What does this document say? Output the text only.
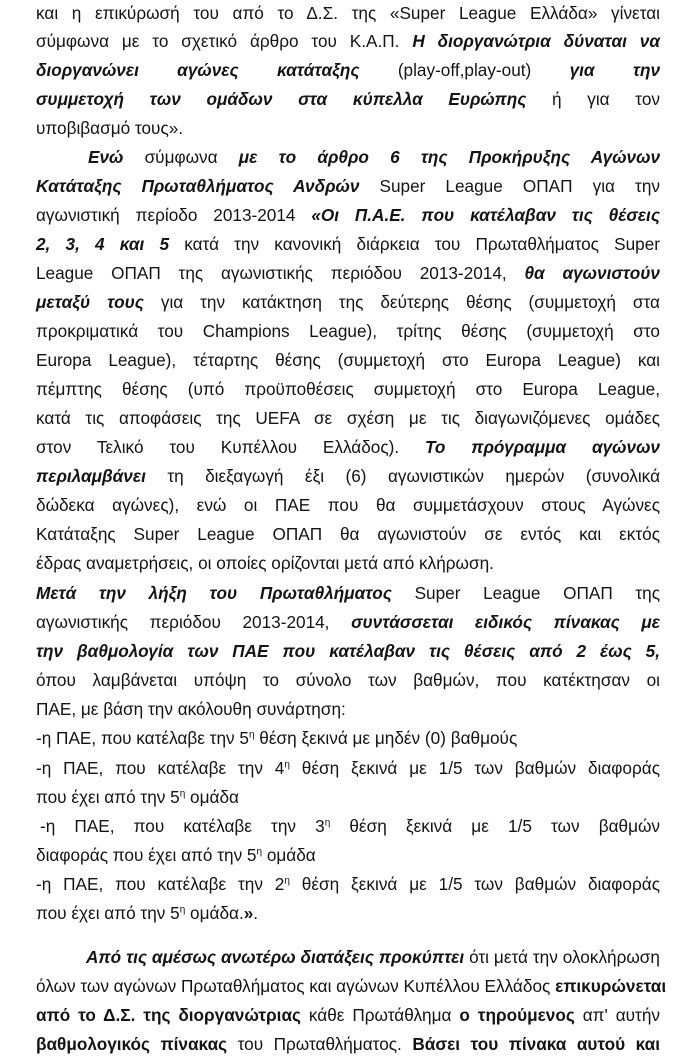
και η επικύρωσή του από το Δ.Σ. της «Super League Ελλάδα» γίνεται
σύμφωνα με το σχετικό άρθρο του Κ.Α.Π. Η διοργανώτρια δύναται να
διοργανώνει αγώνες κατάταξης (play-off,play-out) για την
συμμετοχή των ομάδων στα κύπελλα Ευρώπης ή για τον
υποβιβασμό τους».
Ενώ σύμφωνα με το άρθρο 6 της Προκήρυξης Αγώνων
Κατάταξης Πρωταθλήματος Ανδρών Super League ΟΠΑΠ για την
αγωνιστική περίοδο 2013-2014 «Οι Π.Α.Ε. που κατέλαβαν τις θέσεις
2, 3, 4 και 5 κατά την κανονική διάρκεια του Πρωταθλήματος Super
League ΟΠΑΠ της αγωνιστικής περιόδου 2013-2014, θα αγωνιστούν
μεταξύ τους για την κατάκτηση της δεύτερης θέσης (συμμετοχή στα
προκριματικά του Champions League), τρίτης θέσης (συμμετοχή στο
Europa League), τέταρτης θέσης (συμμετοχή στο Europa League) και
πέμπτης θέσης (υπό προϋποθέσεις συμμετοχή στο Europa League,
κατά τις αποφάσεις της UEFA σε σχέση με τις διαγωνιζόμενες ομάδες
στον Τελικό του Κυπέλλου Ελλάδος). Το πρόγραμμα αγώνων
περιλαμβάνει τη διεξαγωγή έξι (6) αγωνιστικών ημερών (συνολικά
δώδεκα αγώνες), ενώ οι ΠΑΕ που θα συμμετάσχουν στους Αγώνες
Κατάταξης Super League ΟΠΑΠ θα αγωνιστούν σε εντός και εκτός
έδρας αναμετρήσεις, οι οποίες ορίζονται μετά από κλήρωση.
Μετά την λήξη του Πρωταθλήματος Super League ΟΠΑΠ της
αγωνιστικής περιόδου 2013-2014, συντάσσεται ειδικός πίνακας με
την βαθμολογία των ΠΑΕ που κατέλαβαν τις θέσεις από 2 έως 5,
όπου λαμβάνεται υπόψη το σύνολο των βαθμών, που κατέκτησαν οι
ΠΑΕ, με βάση την ακόλουθη συνάρτηση:
-η ΠΑΕ, που κατέλαβε την $5^\eta$ θέση ξεκινά με μηδέν (0) βαθμούς
-η ΠΑΕ, που κατέλαβε την $4^\eta$ θέση ξεκινά με 1/5 των βαθμών διαφοράς
που έχει από την $5^\eta$ ομάδα
-η ΠΑΕ, που κατέλαβε την $3^\eta$ θέση ξεκινά με 1/5 των βαθμών
διαφοράς που έχει από την $5^\eta$ ομάδα
-η ΠΑΕ, που κατέλαβε την $2^\eta$ θέση ξεκινά με 1/5 των βαθμών διαφοράς
που έχει από την $5^\eta$ ομάδα.».
Από τις αμέσως ανωτέρω διατάξεις προκύπτει ότι μετά την ολοκλήρωση
όλων των αγώνων Πρωταθλήματος και αγώνων Κυπέλλου Ελλάδος επικυρώνεται
από το Δ.Σ. της διοργανώτριας κάθε Πρωτάθλημα ο τηρούμενος απ' αυτήν
βαθμολογικός πίνακας του Πρωταθλήματος. Βάσει του πίνακα αυτού και
